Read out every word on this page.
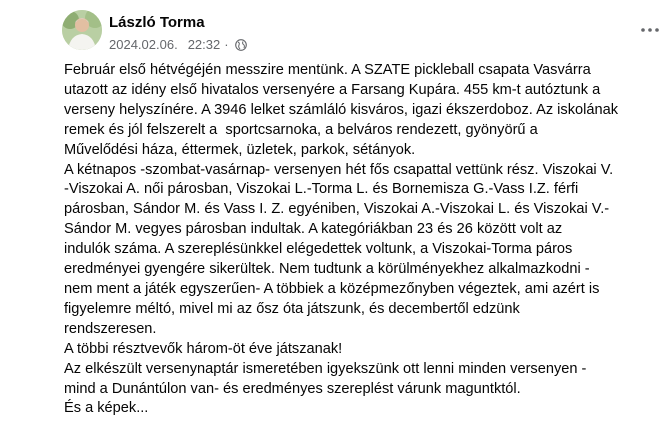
László Torma
2024.02.06. 22:32 ·

Február első hétvégéjén messzire mentünk. A SZATE pickleball csapata Vasvárra

utazott az idény első hivatalos versenyére a Farsang Kupára. 455 km-t autóztunk a

verseny helyszínére. A 3946 lelket számláló kisváros, igazi ékszerdoboz. Az iskolának

remek és jól felszerelt a  sportcsarnoka, a belváros rendezett, gyönyörű a

Művelődési háza, éttermek, üzletek, parkok, sétányok.

A kétnapos -szombat-vasárnap- versenyen hét fős csapattal vettünk rész. Viszokai V.

-Viszokai A. női párosban, Viszokai L.-Torma L. és Bornemisza G.-Vass I.Z. férfi

párosban, Sándor M. és Vass I. Z. egyéniben, Viszokai A.-Viszokai L. és Viszokai V.-

Sándor M. vegyes párosban indultak. A kategóriákban 23 és 26 között volt az

indulók száma. A szereplésünkkel elégedettek voltunk, a Viszokai-Torma páros

eredményei gyengére sikerültek. Nem tudtunk a körülményekhez alkalmazkodni -

nem ment a játék egyszerűen- A többiek a középmezőnyben végeztek, ami azért is

figyelemre méltó, mivel mi az ősz óta játszunk, és decembertől edzünk

rendszeresen.

A többi résztvevők három-öt éve játszanak!

Az elkészült versenynaptár ismeretében igyekszünk ott lenni minden versenyen -

mind a Dunántúlon van- és eredményes szereplést várunk maguntktól.

És a képek...
